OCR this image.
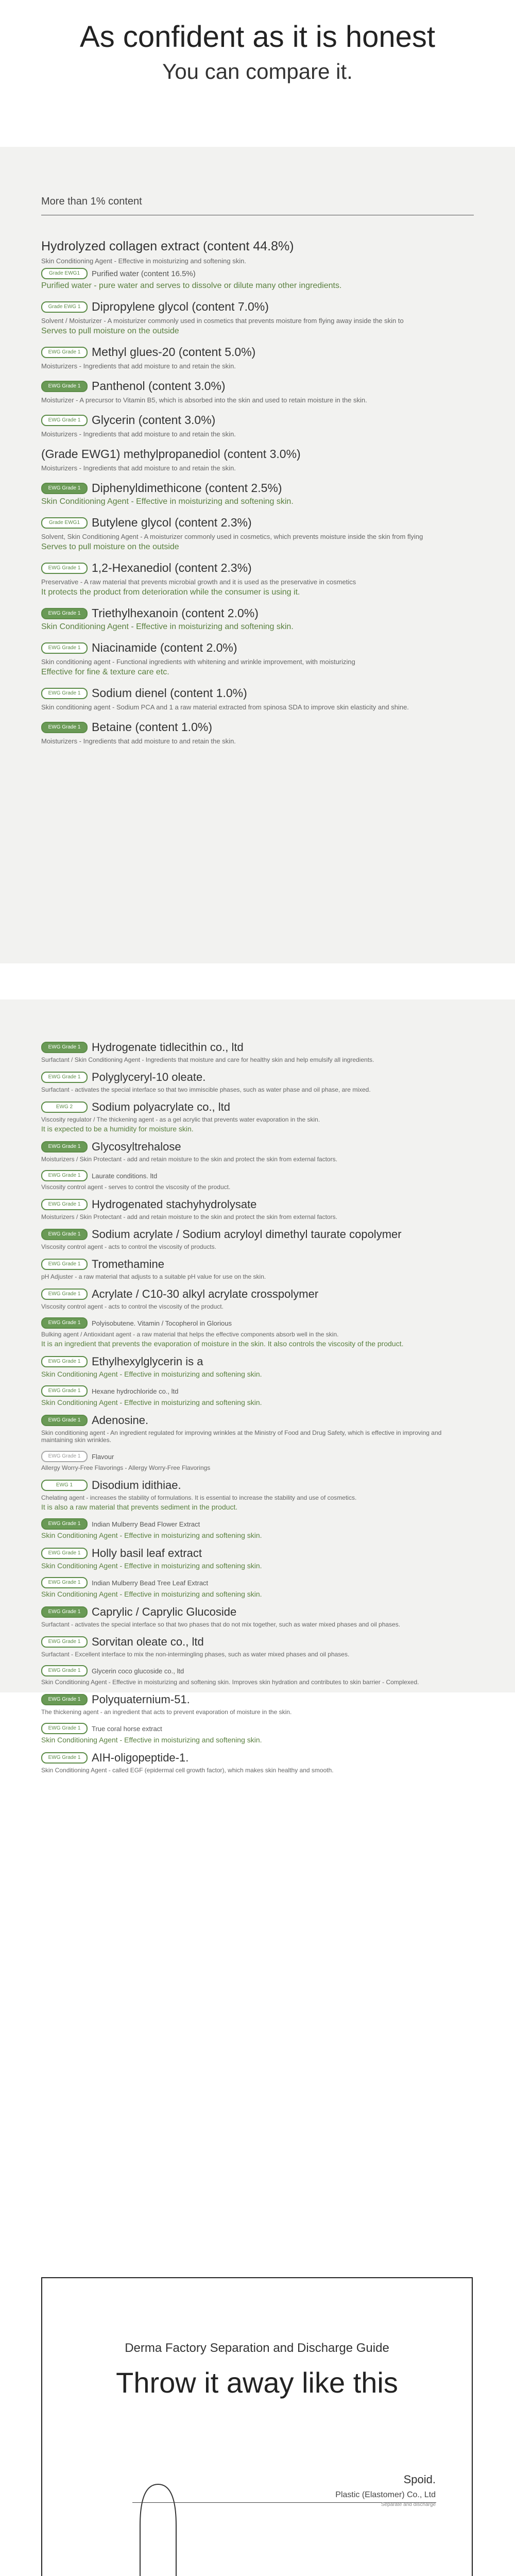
As confident as it is honest
You can compare it.
More than 1% content
Hydrolyzed collagen extract (content 44.8%)
Skin Conditioning Agent - Effective in moisturizing and softening skin.
Grade EWG1	Purified water (content 16.5%)
Purified water - pure water and serves to dissolve or dilute many other ingredients.
Grade EWG 1 Dipropylene glycol (content 7.0%)
Solvent / Moisturizer - A moisturizer commonly used in cosmetics that prevents moisture from flying away inside the skin to
Serves to pull moisture on the outside
EWG Grade 1 Methyl glues-20 (content 5.0%)
Moisturizers - Ingredients that add moisture to and retain the skin.
EWG Grade 1 Panthenol (content 3.0%)
Moisturizer - A precursor to Vitamin B5, which is absorbed into the skin and used to retain moisture in the skin.
EWG Grade 1 Glycerin (content 3.0%)
Moisturizers - Ingredients that add moisture to and retain the skin.
(Grade EWG1) methylpropanediol (content 3.0%)
Moisturizers - Ingredients that add moisture to and retain the skin.
EWG Grade 1 Diphenyldimethicone (content 2.5%)
Skin Conditioning Agent - Effective in moisturizing and softening skin.
Grade EWG1 Butylene glycol (content 2.3%)
Solvent, Skin Conditioning Agent - A moisturizer commonly used in cosmetics, which prevents moisture inside the skin from flying
Serves to pull moisture on the outside
EWG Grade 1 1,2-Hexanediol (content 2.3%)
Preservative - A raw material that prevents microbial growth and it is used as the preservative in cosmetics
It protects the product from deterioration while the consumer is using it.
EWG Grade 1 Triethylhexanoin (content 2.0%)
Skin Conditioning Agent - Effective in moisturizing and softening skin.
EWG Grade 1 Niacinamide (content 2.0%)
Skin conditioning agent - Functional ingredients with whitening and wrinkle improvement, with moisturizing
Effective for fine & texture care etc.
EWG Grade 1 Sodium dienel (content 1.0%)
Skin conditioning agent - Sodium PCA and 1 a raw material extracted from spinosa SDA to improve skin elasticity and shine.
EWG Grade 1 Betaine (content 1.0%)
Moisturizers - Ingredients that add moisture to and retain the skin.
EWG Grade 1 Hydrogenate tidlecithin co., ltd
Surfactant / Skin Conditioning Agent - Ingredients that moisture and care for healthy skin and help emulsify all ingredients.
EWG Grade 1 Polyglyceryl-10 oleate.
Surfactant - activates the special interface so that two immiscible phases, such as water phase and oil phase, are mixed.
EWG 2	Sodium polyacrylate co., ltd
Viscosity regulator / The thickening agent - as a gel acrylic that prevents water evaporation in the skin.
It is expected to be a humidity for moisture skin.
EWG Grade 1 Glycosyltrehalose
Moisturizers / Skin Protectant - add and retain moisture to the skin and protect the skin from external factors.
EWG Grade 1	Laurate conditions. ltd
Viscosity control agent - serves to control the viscosity of the product.
EWG Grade 1 Hydrogenated stachyhydrolysate
Moisturizers / Skin Protectant - add and retain moisture to the skin and protect the skin from external factors.
EWG Grade 1 Sodium acrylate / Sodium acryloyl dimethyl taurate copolymer
Viscosity control agent - acts to control the viscosity of products.
EWG Grade 1 Tromethamine
pH Adjuster - a raw material that adjusts to a suitable pH value for use on the skin.
EWG Grade 1 Acrylate / C10-30 alkyl acrylate crosspolymer
Viscosity control agent - acts to control the viscosity of the product.
EWG Grade 1	Polyisobutene. Vitamin / Tocopherol in Glorious
Bulking agent / Antioxidant agent - a raw material that helps the effective components absorb well in the skin.
It is an ingredient that prevents the evaporation of moisture in the skin. It also controls the viscosity of the product.
EWG Grade 1 Ethylhexylglycerin is a
Skin Conditioning Agent - Effective in moisturizing and softening skin.
EWG Grade 1	Hexane hydrochloride co., ltd
Skin Conditioning Agent - Effective in moisturizing and softening skin.
EWG Grade 1 Adenosine.
Skin conditioning agent - An ingredient regulated for improving wrinkles at the Ministry of Food and Drug Safety, which is effective in improving and maintaining skin wrinkles.
EWG Grade 1	Flavour
Allergy Worry-Free Flavorings - Allergy Worry-Free Flavorings
EWG 1	Disodium idithiae.
Chelating agent - increases the stability of formulations. It is essential to increase the stability and use of cosmetics.
It is also a raw material that prevents sediment in the product.
EWG Grade 1	Indian Mulberry Bead Flower Extract
Skin Conditioning Agent - Effective in moisturizing and softening skin.
EWG Grade 1 Holly basil leaf extract
Skin Conditioning Agent - Effective in moisturizing and softening skin.
EWG Grade 1	Indian Mulberry Bead Tree Leaf Extract
Skin Conditioning Agent - Effective in moisturizing and softening skin.
EWG Grade 1 Caprylic / Caprylic Glucoside
Surfactant - activates the special interface so that two phases that do not mix together, such as water mixed phases and oil phases.
EWG Grade 1 Sorvitan oleate co., ltd
Surfactant - Excellent interface to mix the non-intermingling phases, such as water mixed phases and oil phases.
EWG Grade 1	Glycerin coco glucoside co., ltd
Skin Conditioning Agent - Effective in moisturizing and softening skin. Improves skin hydration and contributes to skin barrier - Complexed.
EWG Grade 1 Polyquaternium-51.
The thickening agent - an ingredient that acts to prevent evaporation of moisture in the skin.
EWG Grade 1	True coral horse extract
Skin Conditioning Agent - Effective in moisturizing and softening skin.
EWG Grade 1 AIH-oligopeptide-1.
Skin Conditioning Agent - called EGF (epidermal cell growth factor), which makes skin healthy and smooth.
Derma Factory Separation and Discharge Guide
Throw it away like this
Spoid.
Plastic (Elastomer) Co., Ltd
Separate and discharge
